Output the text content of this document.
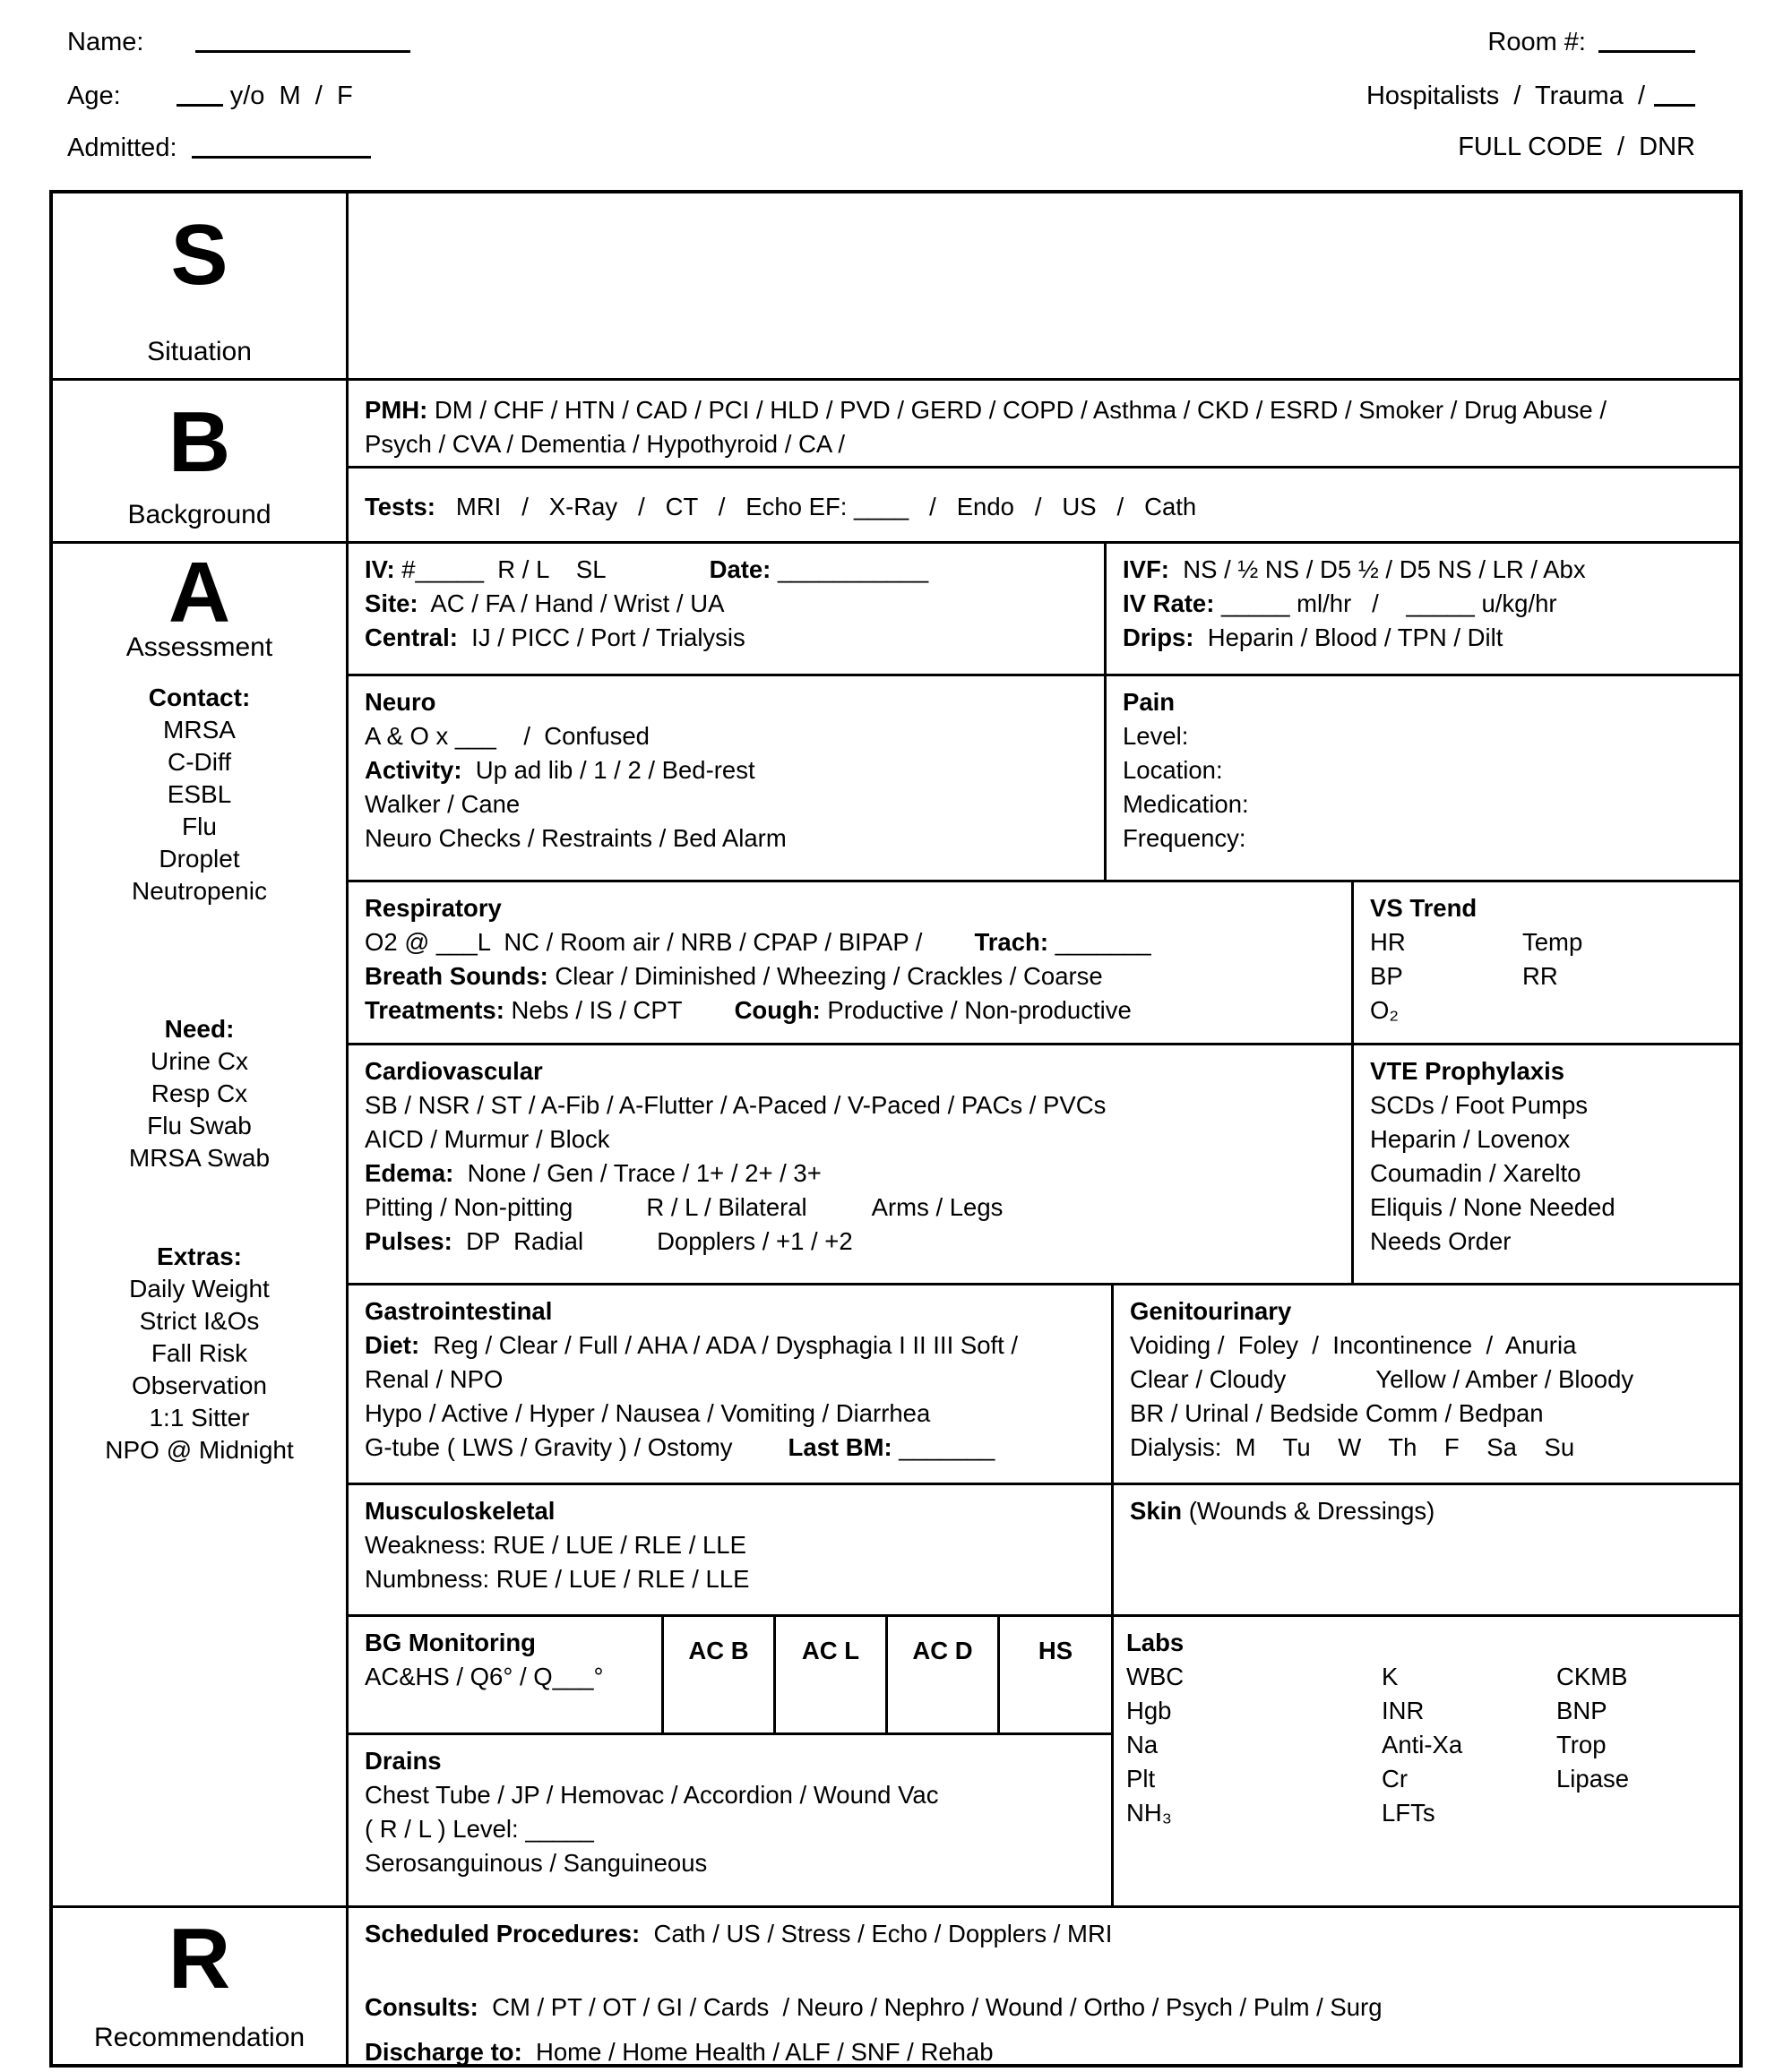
Name:
Age:	y/o  M  /  F
Admitted:
Room #:
Hospitalists  /  Trauma  /
FULL CODE  /  DNR
S
Situation
B
Background
A
Assessment
Contact:
MRSA
C-Diff
ESBL
Flu
Droplet
Neutropenic
Need:
Urine Cx
Resp Cx
Flu Swab
MRSA Swab
Extras:
Daily Weight
Strict I&Os
Fall Risk
Observation
1:1 Sitter
NPO @ Midnight
R
Recommendation
PMH: DM / CHF / HTN / CAD / PCI / HLD / PVD / GERD / COPD / Asthma / CKD / ESRD / Smoker / Drug Abuse /
Psych / CVA / Dementia / Hypothyroid / CA /
Tests:   MRI   /   X-Ray   /   CT   /   Echo EF: ____   /   Endo   /   US   /   Cath
IV: #_____  R / L    SL	Date: ___________
Site:  AC / FA / Hand / Wrist / UA
Central:  IJ / PICC / Port / Trialysis
IVF:  NS / ½ NS / D5 ½ / D5 NS / LR / Abx
IV Rate: _____ ml/hr   /    _____ u/kg/hr
Drips:  Heparin / Blood / TPN / Dilt
Neuro
A & O x ___    /  Confused
Activity:  Up ad lib / 1 / 2 / Bed-rest
Walker / Cane
Neuro Checks / Restraints / Bed Alarm
Pain
Level:
Location:
Medication:
Frequency:
Respiratory
O2 @ ___L  NC / Room air / NRB / CPAP / BIPAP / Trach: _______
Breath Sounds: Clear / Diminished / Wheezing / Crackles / Coarse
Treatments: Nebs / IS / CPT Cough: Productive / Non-productive
VS Trend
HR	Temp
BP	RR
O₂
Cardiovascular
SB / NSR / ST / A-Fib / A-Flutter / A-Paced / V-Paced / PACs / PVCs
AICD / Murmur / Block
Edema:  None / Gen / Trace / 1+ / 2+ / 3+
Pitting / Non-pitting	R / L / Bilateral	Arms / Legs
Pulses:  DP  Radial	Dopplers / +1 / +2
VTE Prophylaxis
SCDs / Foot Pumps
Heparin / Lovenox
Coumadin / Xarelto
Eliquis / None Needed
Needs Order
Gastrointestinal
Diet:  Reg / Clear / Full / AHA / ADA / Dysphagia I II III Soft /
Renal / NPO
Hypo / Active / Hyper / Nausea / Vomiting / Diarrhea
G-tube ( LWS / Gravity ) / Ostomy Last BM: _______
Genitourinary
Voiding /  Foley  /  Incontinence  /  Anuria
Clear / Cloudy	Yellow / Amber / Bloody
BR / Urinal / Bedside Comm / Bedpan
Dialysis:  M    Tu    W    Th    F    Sa    Su
Musculoskeletal
Weakness: RUE / LUE / RLE / LLE
Numbness: RUE / LUE / RLE / LLE
Skin (Wounds & Dressings)
BG Monitoring
AC&HS / Q6° / Q___°
AC B AC L AC D	HS
Drains
Chest Tube / JP / Hemovac / Accordion / Wound Vac
( R / L ) Level: _____
Serosanguinous / Sanguineous
Labs
WBC	K	CKMB
Hgb	INR	BNP
Na	Anti-Xa	Trop
Plt	Cr	Lipase
NH₃	LFTs
Scheduled Procedures:  Cath / US / Stress / Echo / Dopplers / MRI
Consults:  CM / PT / OT / GI / Cards  / Neuro / Nephro / Wound / Ortho / Psych / Pulm / Surg
Discharge to:  Home / Home Health / ALF / SNF / Rehab
